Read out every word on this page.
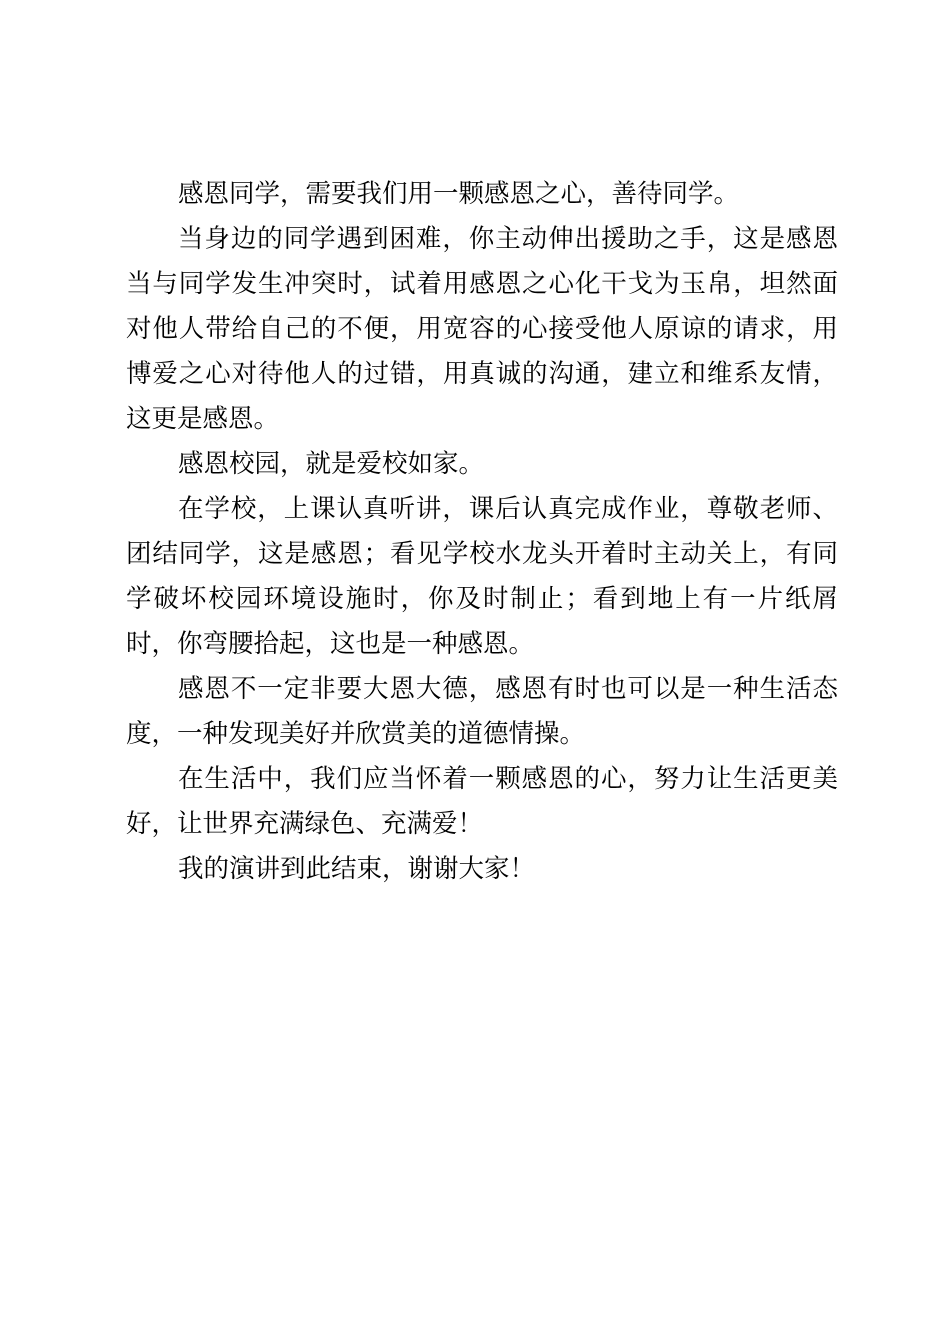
感恩同学，需要我们用一颗感恩之心，善待同学。

当身边的同学遇到困难，你主动伸出援助之手，这是感恩当与同学发生冲突时，试着用感恩之心化干戈为玉帛，坦然面对他人带给自己的不便，用宽容的心接受他人原谅的请求，用博爱之心对待他人的过错，用真诚的沟通，建立和维系友情，这更是感恩。

感恩校园，就是爱校如家。

在学校，上课认真听讲，课后认真完成作业，尊敬老师、团结同学，这是感恩；看见学校水龙头开着时主动关上，有同学破坏校园环境设施时，你及时制止；看到地上有一片纸屑时，你弯腰拾起，这也是一种感恩。

感恩不一定非要大恩大德，感恩有时也可以是一种生活态度，一种发现美好并欣赏美的道德情操。

在生活中，我们应当怀着一颗感恩的心，努力让生活更美好，让世界充满绿色、充满爱！

我的演讲到此结束，谢谢大家！
